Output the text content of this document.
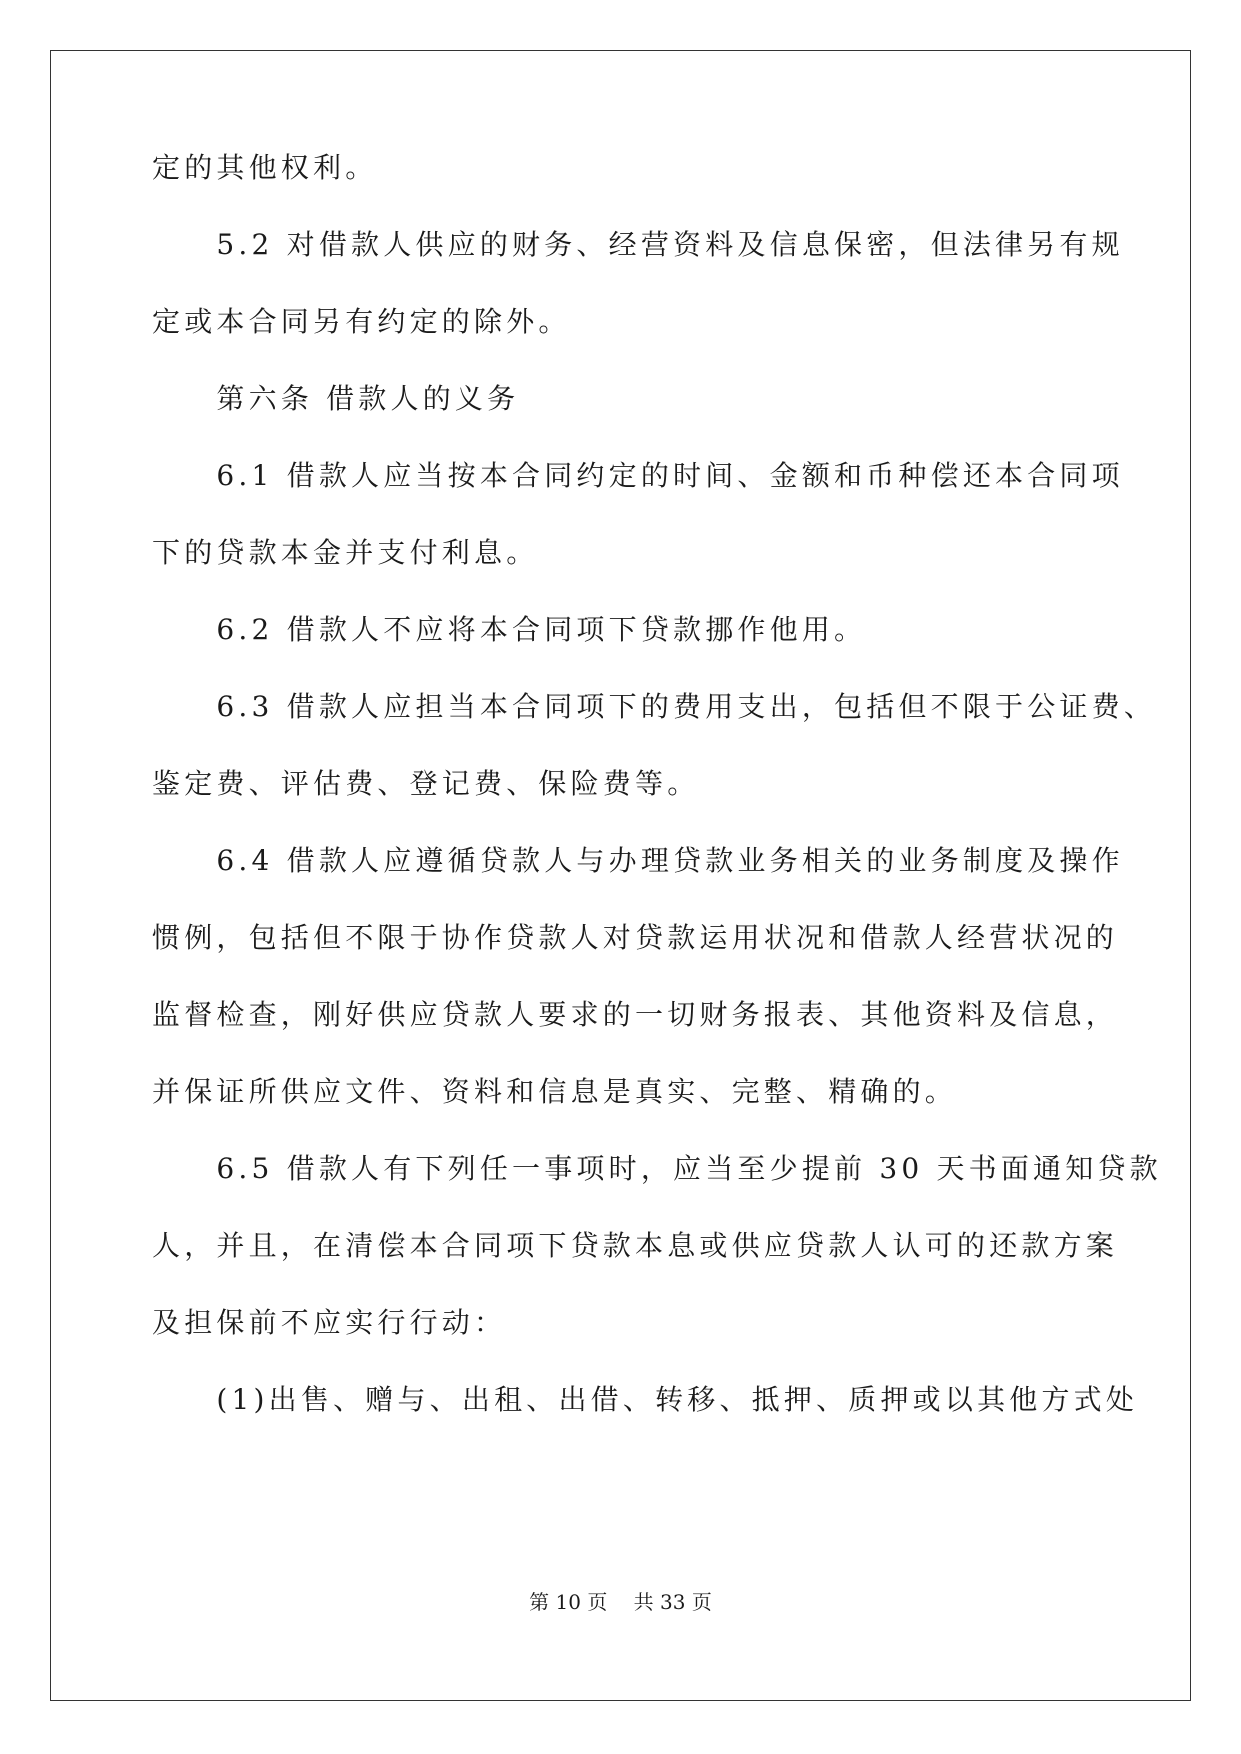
定的其他权利。
　　5.2 对借款人供应的财务、经营资料及信息保密，但法律另有规
定或本合同另有约定的除外。
　　第六条 借款人的义务
　　6.1 借款人应当按本合同约定的时间、金额和币种偿还本合同项
下的贷款本金并支付利息。
　　6.2 借款人不应将本合同项下贷款挪作他用。
　　6.3 借款人应担当本合同项下的费用支出，包括但不限于公证费、
鉴定费、评估费、登记费、保险费等。
　　6.4 借款人应遵循贷款人与办理贷款业务相关的业务制度及操作
惯例，包括但不限于协作贷款人对贷款运用状况和借款人经营状况的
监督检查，刚好供应贷款人要求的一切财务报表、其他资料及信息，
并保证所供应文件、资料和信息是真实、完整、精确的。
　　6.5 借款人有下列任一事项时，应当至少提前 30 天书面通知贷款
人，并且，在清偿本合同项下贷款本息或供应贷款人认可的还款方案
及担保前不应实行行动：
　　(1)出售、赠与、出租、出借、转移、抵押、质押或以其他方式处
第 10 页　 共 33 页
